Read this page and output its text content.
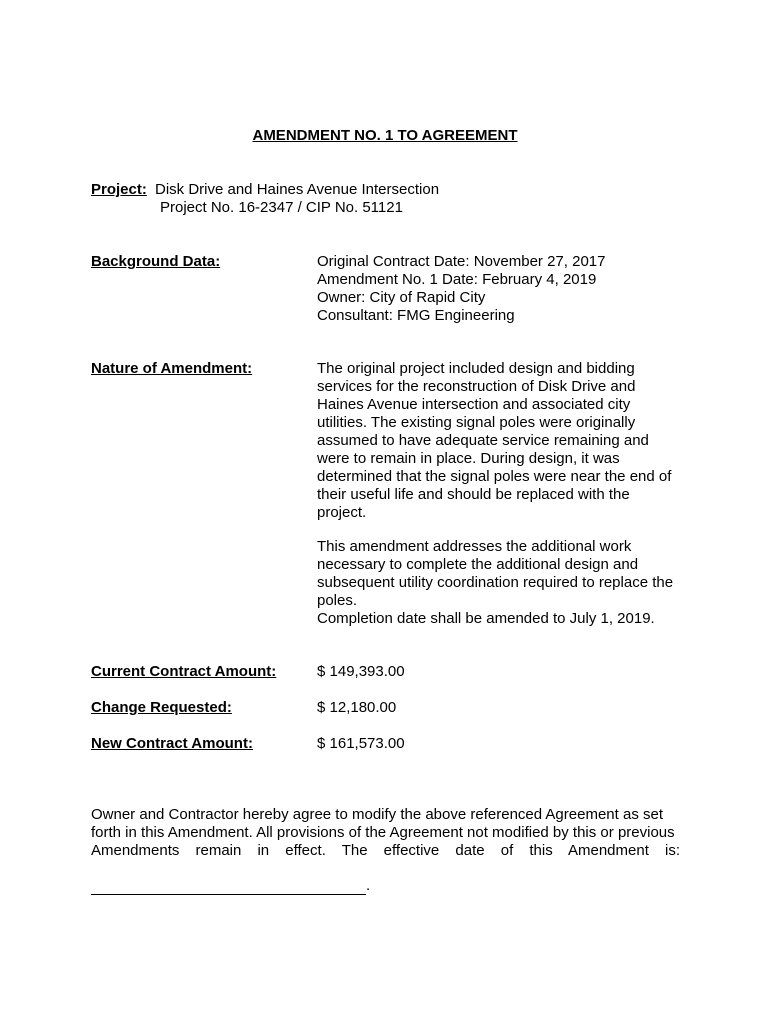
AMENDMENT NO. 1 TO AGREEMENT
Project: Disk Drive and Haines Avenue Intersection
Project No. 16-2347 / CIP No. 51121
Background Data:	Original Contract Date: November 27, 2017
Amendment No. 1 Date: February 4, 2019
Owner: City of Rapid City
Consultant: FMG Engineering
Nature of Amendment:	The original project included design and bidding
services for the reconstruction of Disk Drive and
Haines Avenue intersection and associated city
utilities. The existing signal poles were originally
assumed to have adequate service remaining and
were to remain in place. During design, it was
determined that the signal poles were near the end of
their useful life and should be replaced with the
project.
This amendment addresses the additional work
necessary to complete the additional design and
subsequent utility coordination required to replace the
poles.
Completion date shall be amended to July 1, 2019.
Current Contract Amount:	$ 149,393.00
Change Requested:	$ 12,180.00
New Contract Amount:	$ 161,573.00
Owner and Contractor hereby agree to modify the above referenced Agreement as set
forth in this Amendment. All provisions of the Agreement not modified by this or previous
Amendments remain in effect. The effective date of this Amendment is:
.
